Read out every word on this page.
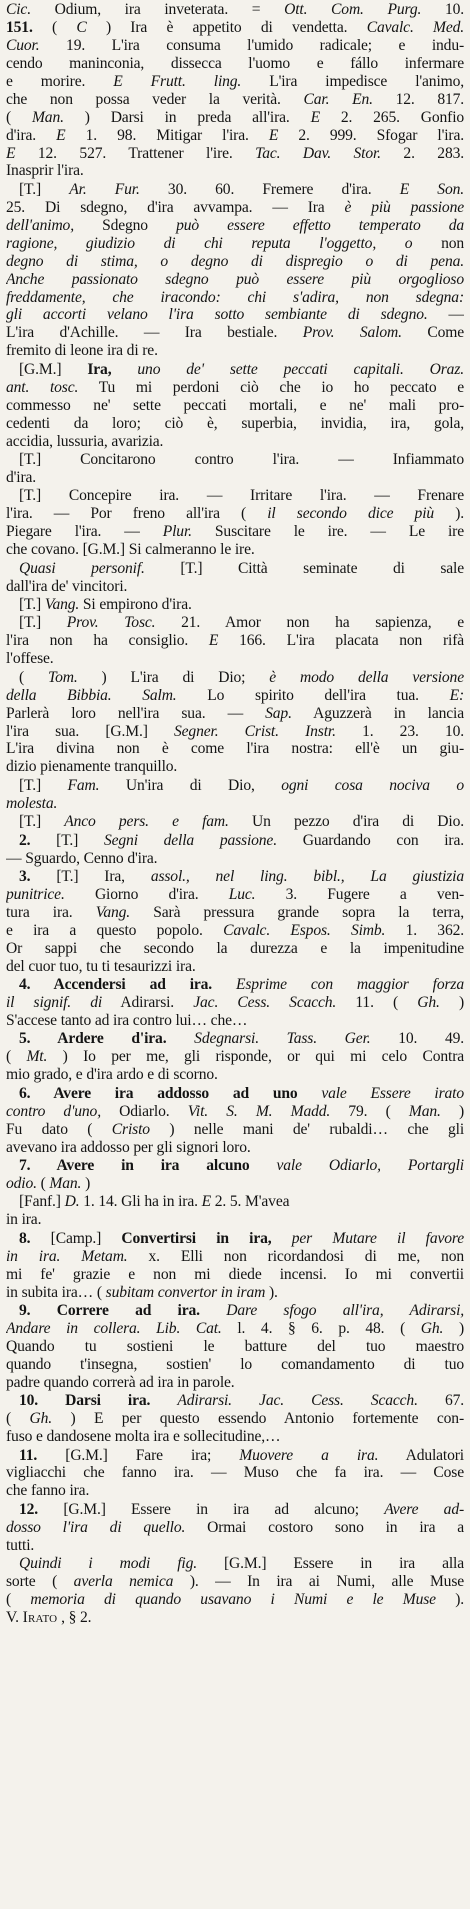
Cic. Odium, ira inveterata. = Ott. Com. Purg. 10.
151. ( C ) Ira è appetito di vendetta. Cavalc. Med.
Cuor. 19. L'ira consuma l'umido radicale; e indu-
cendo maninconia, dissecca l'uomo e fállo infermare
e morire. E Frutt. ling. L'ira impedisce l'animo,
che non possa veder la verità. Car. En. 12. 817.
( Man. ) Darsi in preda all'ira. E 2. 265. Gonfio
d'ira. E 1. 98. Mitigar l'ira. E 2. 999. Sfogar l'ira.
E 12. 527. Trattener l'ire. Tac. Dav. Stor. 2. 283.
Inasprir l'ira.
[T.] Ar. Fur. 30. 60. Fremere d'ira. E Son.
25. Di sdegno, d'ira avvampa. — Ira è più passione
dell'animo, Sdegno può essere effetto temperato da
ragione, giudizio di chi reputa l'oggetto, o non
degno di stima, o degno di dispregio o di pena.
Anche passionato sdegno può essere più orgoglioso
freddamente, che iracondo: chi s'adira, non sdegna:
gli accorti velano l'ira sotto sembiante di sdegno. —
L'ira d'Achille. — Ira bestiale. Prov. Salom. Come
fremito di leone ira di re.
[G.M.] Ira, uno de' sette peccati capitali. Oraz.
ant. tosc. Tu mi perdoni ciò che io ho peccato e
commesso ne' sette peccati mortali, e ne' mali pro-
cedenti da loro; ciò è, superbia, invidia, ira, gola,
accidia, lussuria, avarizia.
[T.] Concitarono contro l'ira. — Infiammato
d'ira.
[T.] Concepire ira. — Irritare l'ira. — Frenare
l'ira. — Por freno all'ira ( il secondo dice più ).
Piegare l'ira. — Plur. Suscitare le ire. — Le ire
che covano. [G.M.] Si calmeranno le ire.
Quasi personif. [T.] Città seminate di sale
dall'ira de' vincitori.
[T.] Vang. Si empirono d'ira.
[T.] Prov. Tosc. 21. Amor non ha sapienza, e
l'ira non ha consiglio. E 166. L'ira placata non rifà
l'offese.
( Tom. ) L'ira di Dio; è modo della versione
della Bibbia. Salm. Lo spirito dell'ira tua. E:
Parlerà loro nell'ira sua. — Sap. Aguzzerà in lancia
l'ira sua. [G.M.] Segner. Crist. Instr. 1. 23. 10.
L'ira divina non è come l'ira nostra: ell'è un giu-
dizio pienamente tranquillo.
[T.] Fam. Un'ira di Dio, ogni cosa nociva o
molesta.
[T.] Anco pers. e fam. Un pezzo d'ira di Dio.
2. [T.] Segni della passione. Guardando con ira.
— Sguardo, Cenno d'ira.
3. [T.] Ira, assol., nel ling. bibl., La giustizia
punitrice. Giorno d'ira. Luc. 3. Fugere a ven-
tura ira. Vang. Sarà pressura grande sopra la terra,
e ira a questo popolo. Cavalc. Espos. Simb. 1. 362.
Or sappi che secondo la durezza e la impenitudine
del cuor tuo, tu ti tesaurizzi ira.
4. Accendersi ad ira. Esprime con maggior forza
il signif. di Adirarsi. Jac. Cess. Scacch. 11. ( Gh. )
S'accese tanto ad ira contro lui… che…
5. Ardere d'ira. Sdegnarsi. Tass. Ger. 10. 49.
( Mt. ) Io per me, gli risponde, or qui mi celo Contra
mio grado, e d'ira ardo e di scorno.
6. Avere ira addosso ad uno vale Essere irato
contro d'uno, Odiarlo. Vit. S. M. Madd. 79. ( Man. )
Fu dato ( Cristo ) nelle mani de' rubaldi… che gli
avevano ira addosso per gli signori loro.
7. Avere in ira alcuno vale Odiarlo, Portargli
odio. ( Man. )
[Fanf.] D. 1. 14. Gli ha in ira. E 2. 5. M'avea
in ira.
8. [Camp.] Convertirsi in ira, per Mutare il favore
in ira. Metam. x. Elli non ricordandosi di me, non
mi fe' grazie e non mi diede incensi. Io mi convertii
in subita ira… ( subitam convertor in iram ).
9. Correre ad ira. Dare sfogo all'ira, Adirarsi,
Andare in collera. Lib. Cat. l. 4. § 6. p. 48. ( Gh. )
Quando tu sostieni le batture del tuo maestro
quando t'insegna, sostien' lo comandamento di tuo
padre quando correrà ad ira in parole.
10. Darsi ira. Adirarsi. Jac. Cess. Scacch. 67.
( Gh. ) E per questo essendo Antonio fortemente con-
fuso e dandosene molta ira e sollecitudine,…
11. [G.M.] Fare ira; Muovere a ira. Adulatori
vigliacchi che fanno ira. — Muso che fa ira. — Cose
che fanno ira.
12. [G.M.] Essere in ira ad alcuno; Avere ad-
dosso l'ira di quello. Ormai costoro sono in ira a
tutti.
Quindi i modi fig. [G.M.] Essere in ira alla
sorte ( averla nemica ). — In ira ai Numi, alle Muse
( memoria di quando usavano i Numi e le Muse ).
V. Irato , § 2.
